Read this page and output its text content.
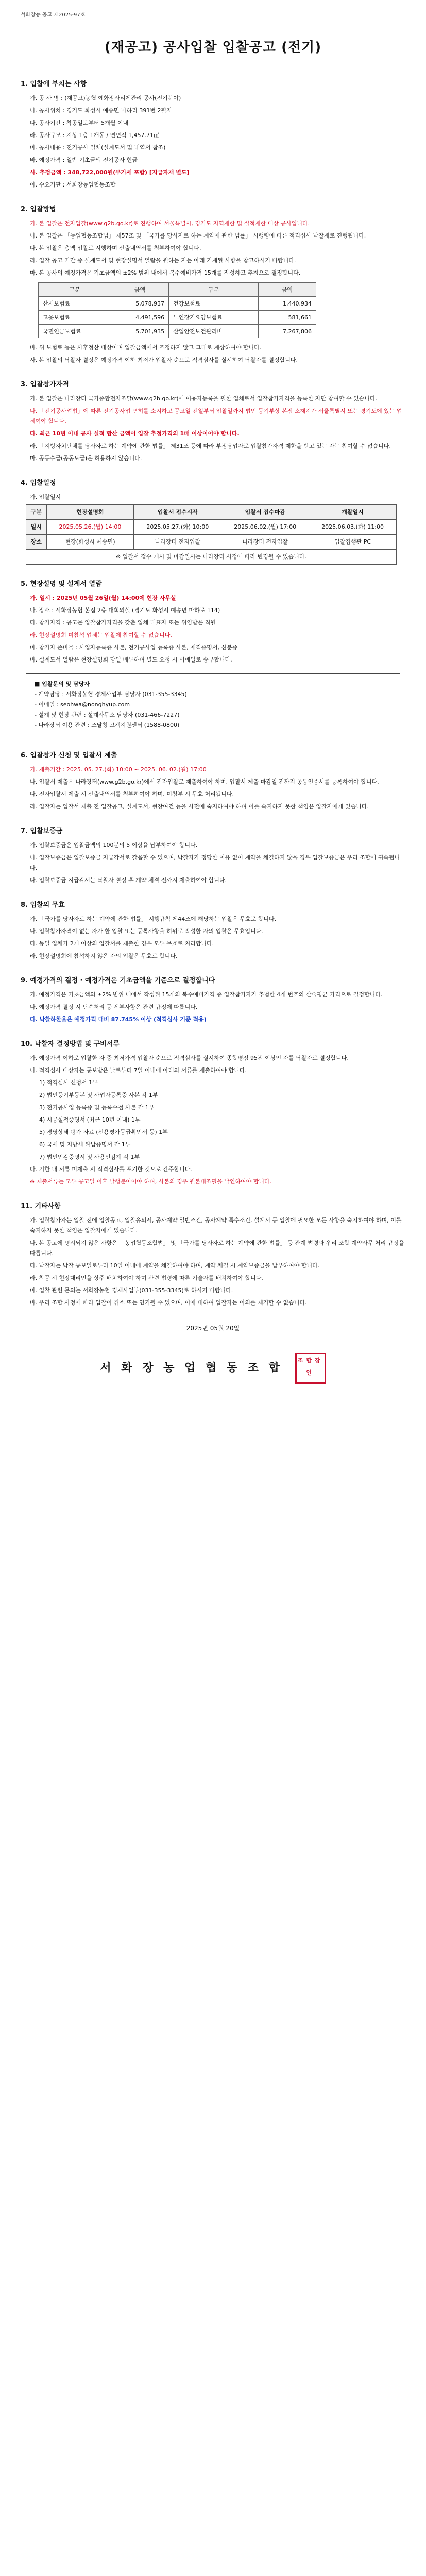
서화장농 공고 제2025-97호
(재공고) 공사입찰 입찰공고 (전기)
1. 입찰에 부치는 사항

가. 공 사 명 : (재공고)농협 예화장사리제관리 공사(전기분야)

나. 공사위치 : 경기도 화성시 예송면 마하리 391번 2필지

다. 공사기간 : 착공일로부터 5개월 이내

라. 공사규모 : 지상 1층 1개동 / 연면적 1,457.71㎡

마. 공사내용 : 전기공사 일체(설계도서 및 내역서 참조)

바. 예정가격 : 일반 기초금액 전기공사 현금

사. 추정금액 : 348,722,000원(부가세 포함) [지급자재 별도]

아. 수요기관 : 서화장농업협동조합

2. 입찰방법

가. 본 입찰은 전자입찰(www.g2b.go.kr)로 진행하여 서울특별시, 경기도 지역제한 및 실적제한 대상 공사입니다.

나. 본 입찰은 「농업협동조합법」 제57조 및 「국가를 당사자로 하는 계약에 관한 법률」 시행령에 따른 적격심사 낙찰제로 진행됩니다.

다. 본 입찰은 총액 입찰로 시행하며 산출내역서를 첨부하여야 합니다.

라. 입찰 공고 기간 중 설계도서 및 현장설명서 열람을 원하는 자는 아래 기재된 사항을 참고하시기 바랍니다.

마. 본 공사의 예정가격은 기초금액의 ±2% 범위 내에서 복수예비가격 15개를 작성하고 추첨으로 결정합니다.

구분	금액	구분	금액
산재보험료	5,078,937	건강보험료	1,440,934
고용보험료	4,491,596	노인장기요양보험료	581,661
국민연금보험료	5,701,935	산업안전보건관리비	7,267,806

바. 위 보험료 등은 사후정산 대상이며 입찰금액에서 조정하지 않고 그대로 계상하여야 합니다.

사. 본 입찰의 낙찰자 결정은 예정가격 이하 최저가 입찰자 순으로 적격심사를 실시하여 낙찰자를 결정합니다.

3. 입찰참가자격

가. 본 입찰은 나라장터 국가종합전자조달(www.g2b.go.kr)에 이용자등록을 필한 업체로서 입찰참가자격을 등록한 자만 참여할 수 있습니다.

나. 「전기공사업법」에 따른 전기공사업 면허를 소지하고 공고일 전일부터 입찰일까지 법인 등기부상 본점 소재지가 서울특별시 또는 경기도에 있는 업체여야 합니다.

다. 최근 10년 이내 공사 실적 합산 금액이 입찰 추정가격의 1배 이상이어야 합니다.

라. 「지방자치단체를 당사자로 하는 계약에 관한 법률」 제31조 등에 따라 부정당업자로 입찰참가자격 제한을 받고 있는 자는 참여할 수 없습니다.

마. 공동수급(공동도급)은 허용하지 않습니다.

4. 입찰일정

가. 입찰일시

구분	현장설명회	입찰서 접수시작	입찰서 접수마감	개찰일시
일시	2025.05.26.(월) 14:00	2025.05.27.(화) 10:00	2025.06.02.(월) 17:00	2025.06.03.(화) 11:00
장소	현장(화성시 예송면)	나라장터 전자입찰	나라장터 전자입찰	입찰집행관 PC
※ 입찰서 접수 개시 및 마감일시는 나라장터 사정에 따라 변경될 수 있습니다.				
5. 현장설명 및 설계서 열람

가. 일시 : 2025년 05월 26일(월) 14:00에 현장 사무실

나. 장소 : 서화장농협 본점 2층 대회의실 (경기도 화성시 예송면 마하로 114)

다. 참가자격 : 공고문 입찰참가자격을 갖춘 업체 대표자 또는 위임받은 직원

라. 현장설명회 미참석 업체는 입찰에 참여할 수 없습니다.

마. 참가자 준비물 : 사업자등록증 사본, 전기공사업 등록증 사본, 재직증명서, 신분증

바. 설계도서 열람은 현장설명회 당일 배부하며 별도 요청 시 이메일로 송부합니다.

■ 입찰문의 및 담당자
- 계약담당 : 서화장농협 경제사업부 담당자 (031-355-3345)
- 이메일 : seohwa@nonghyup.com
- 설계 및 현장 관련 : 설계사무소 담당자 (031-466-7227)
- 나라장터 이용 관련 : 조달청 고객지원센터 (1588-0800)
6. 입찰참가 신청 및 입찰서 제출

가. 제출기간 : 2025. 05. 27.(화) 10:00 ~ 2025. 06. 02.(월) 17:00

나. 입찰서 제출은 나라장터(www.g2b.go.kr)에서 전자입찰로 제출하여야 하며, 입찰서 제출 마감일 전까지 공동인증서를 등록하여야 합니다.

다. 전자입찰서 제출 시 산출내역서를 첨부하여야 하며, 미첨부 시 무효 처리됩니다.

라. 입찰자는 입찰서 제출 전 입찰공고, 설계도서, 현장여건 등을 사전에 숙지하여야 하며 이를 숙지하지 못한 책임은 입찰자에게 있습니다.

7. 입찰보증금

가. 입찰보증금은 입찰금액의 100분의 5 이상을 납부하여야 합니다.

나. 입찰보증금은 입찰보증금 지급각서로 갈음할 수 있으며, 낙찰자가 정당한 이유 없이 계약을 체결하지 않을 경우 입찰보증금은 우리 조합에 귀속됩니다.

다. 입찰보증금 지급각서는 낙찰자 결정 후 계약 체결 전까지 제출하여야 합니다.

8. 입찰의 무효

가. 「국가를 당사자로 하는 계약에 관한 법률」 시행규칙 제44조에 해당하는 입찰은 무효로 합니다.

나. 입찰참가자격이 없는 자가 한 입찰 또는 등록사항을 허위로 작성한 자의 입찰은 무효입니다.

다. 동일 업체가 2개 이상의 입찰서를 제출한 경우 모두 무효로 처리합니다.

라. 현장설명회에 참석하지 않은 자의 입찰은 무효로 합니다.

9. 예정가격의 결정 · 예정가격은 기초금액을 기준으로 결정합니다

가. 예정가격은 기초금액의 ±2% 범위 내에서 작성된 15개의 복수예비가격 중 입찰참가자가 추첨한 4개 번호의 산술평균 가격으로 결정합니다.

나. 예정가격 결정 시 단수처리 등 세부사항은 관련 규정에 따릅니다.

다. 낙찰하한율은 예정가격 대비 87.745% 이상 (적격심사 기준 적용)

10. 낙찰자 결정방법 및 구비서류

가. 예정가격 이하로 입찰한 자 중 최저가격 입찰자 순으로 적격심사를 실시하여 종합평점 95점 이상인 자를 낙찰자로 결정합니다.

나. 적격심사 대상자는 통보받은 날로부터 7일 이내에 아래의 서류를 제출하여야 합니다.

1) 적격심사 신청서 1부

2) 법인등기부등본 및 사업자등록증 사본 각 1부

3) 전기공사업 등록증 및 등록수첩 사본 각 1부

4) 시공실적증명서 (최근 10년 이내) 1부

5) 경영상태 평가 자료 (신용평가등급확인서 등) 1부

6) 국세 및 지방세 완납증명서 각 1부

7) 법인인감증명서 및 사용인감계 각 1부

다. 기한 내 서류 미제출 시 적격심사를 포기한 것으로 간주합니다.

※ 제출서류는 모두 공고일 이후 발행분이어야 하며, 사본의 경우 원본대조필을 날인하여야 합니다.

11. 기타사항

가. 입찰참가자는 입찰 전에 입찰공고, 입찰유의서, 공사계약 일반조건, 공사계약 특수조건, 설계서 등 입찰에 필요한 모든 사항을 숙지하여야 하며, 이를 숙지하지 못한 책임은 입찰자에게 있습니다.

나. 본 공고에 명시되지 않은 사항은 「농업협동조합법」 및 「국가를 당사자로 하는 계약에 관한 법률」 등 관계 법령과 우리 조합 계약사무 처리 규정을 따릅니다.

다. 낙찰자는 낙찰 통보일로부터 10일 이내에 계약을 체결하여야 하며, 계약 체결 시 계약보증금을 납부하여야 합니다.

라. 착공 시 현장대리인을 상주 배치하여야 하며 관련 법령에 따른 기술자를 배치하여야 합니다.

마. 입찰 관련 문의는 서화장농협 경제사업부(031-355-3345)로 하시기 바랍니다.

바. 우리 조합 사정에 따라 입찰이 취소 또는 연기될 수 있으며, 이에 대하여 입찰자는 이의를 제기할 수 없습니다.

2025년 05월 20일
서 화 장 농 업 협 동 조 합 조합장인
